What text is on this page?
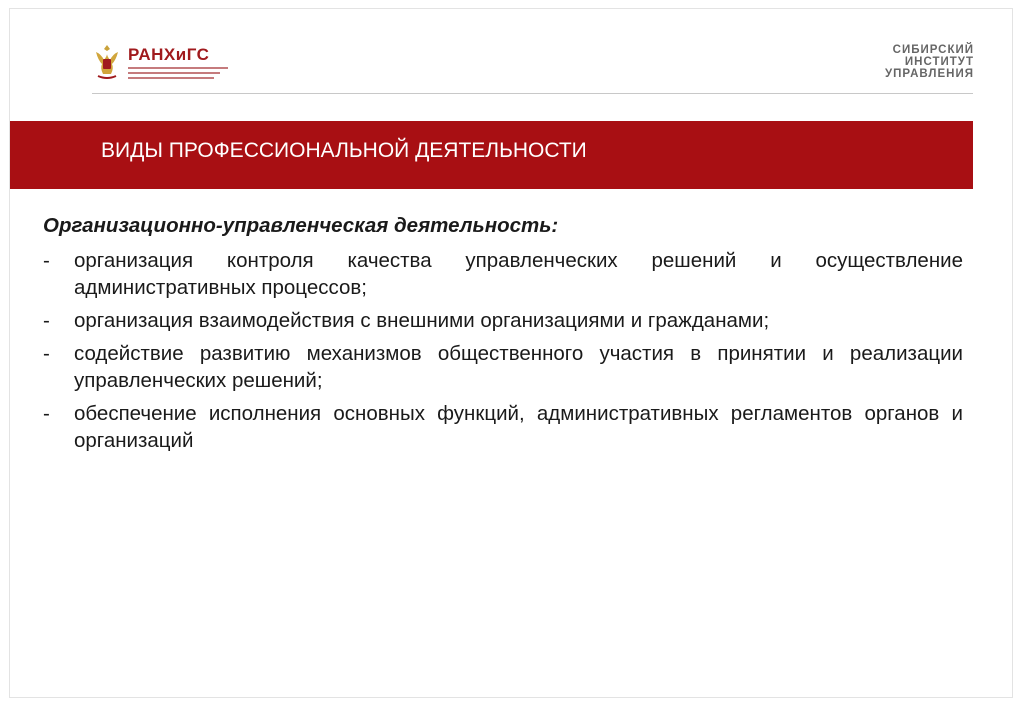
РАНХиГС	СИБИРСКИЙ
ИНСТИТУТ
УПРАВЛЕНИЯ
ВИДЫ ПРОФЕССИОНАЛЬНОЙ ДЕЯТЕЛЬНОСТИ
Организационно-управленческая деятельность:
- организация контроля качества управленческих решений и осуществление административных процессов;
- организация взаимодействия с внешними организациями и гражданами;
- содействие развитию механизмов общественного участия в принятии и реализации управленческих решений;
- обеспечение исполнения основных функций, административных регламентов органов и организаций
